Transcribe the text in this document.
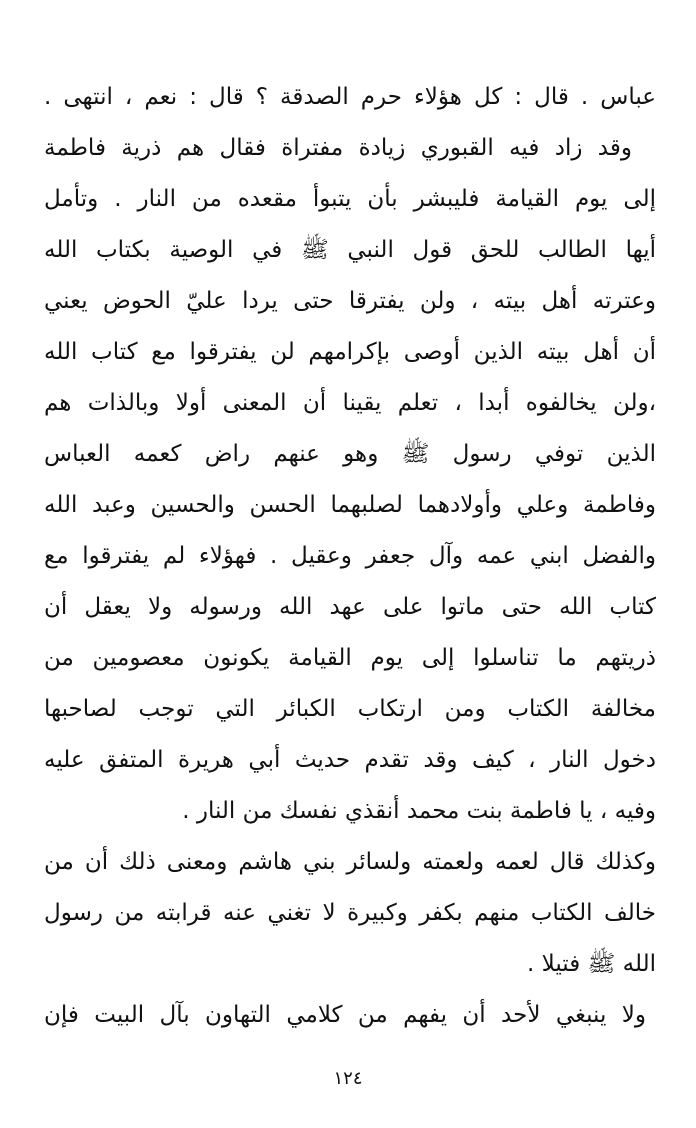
عباس . قال : كل هؤلاء حرم الصدقة ؟ قال : نعم ، انتهى .
وقد زاد فيه القبوري زيادة مفتراة فقال هم ذرية فاطمة
إلى يوم القيامة فليبشر بأن يتبوأ مقعده من النار . وتأمل
أيها الطالب للحق قول النبي ﷺ في الوصية بكتاب الله
وعترته أهل بيته ، ولن يفترقا حتى يردا عليّ الحوض يعني
أن أهل بيته الذين أوصى بإكرامهم لن يفترقوا مع كتاب الله
،ولن يخالفوه أبدا ، تعلم يقينا أن المعنى أولا وبالذات هم
الذين توفي رسول ﷺ وهو عنهم راض كعمه العباس
وفاطمة وعلي وأولادهما لصلبهما الحسن والحسين وعبد الله
والفضل ابني عمه وآل جعفر وعقيل . فهؤلاء لم يفترقوا مع
كتاب الله حتى ماتوا على عهد الله ورسوله ولا يعقل أن
ذريتهم ما تناسلوا إلى يوم القيامة يكونون معصومين من
مخالفة الكتاب ومن ارتكاب الكبائر التي توجب لصاحبها
دخول النار ، كيف وقد تقدم حديث أبي هريرة المتفق عليه
وفيه ، يا فاطمة بنت محمد أنقذي نفسك من النار .
وكذلك قال لعمه ولعمته ولسائر بني هاشم ومعنى ذلك أن من
خالف الكتاب منهم بكفر وكبيرة لا تغني عنه قرابته من رسول
الله ﷺ فتيلا .
ولا ينبغي لأحد أن يفهم من كلامي التهاون بآل البيت فإن
١٢٤
